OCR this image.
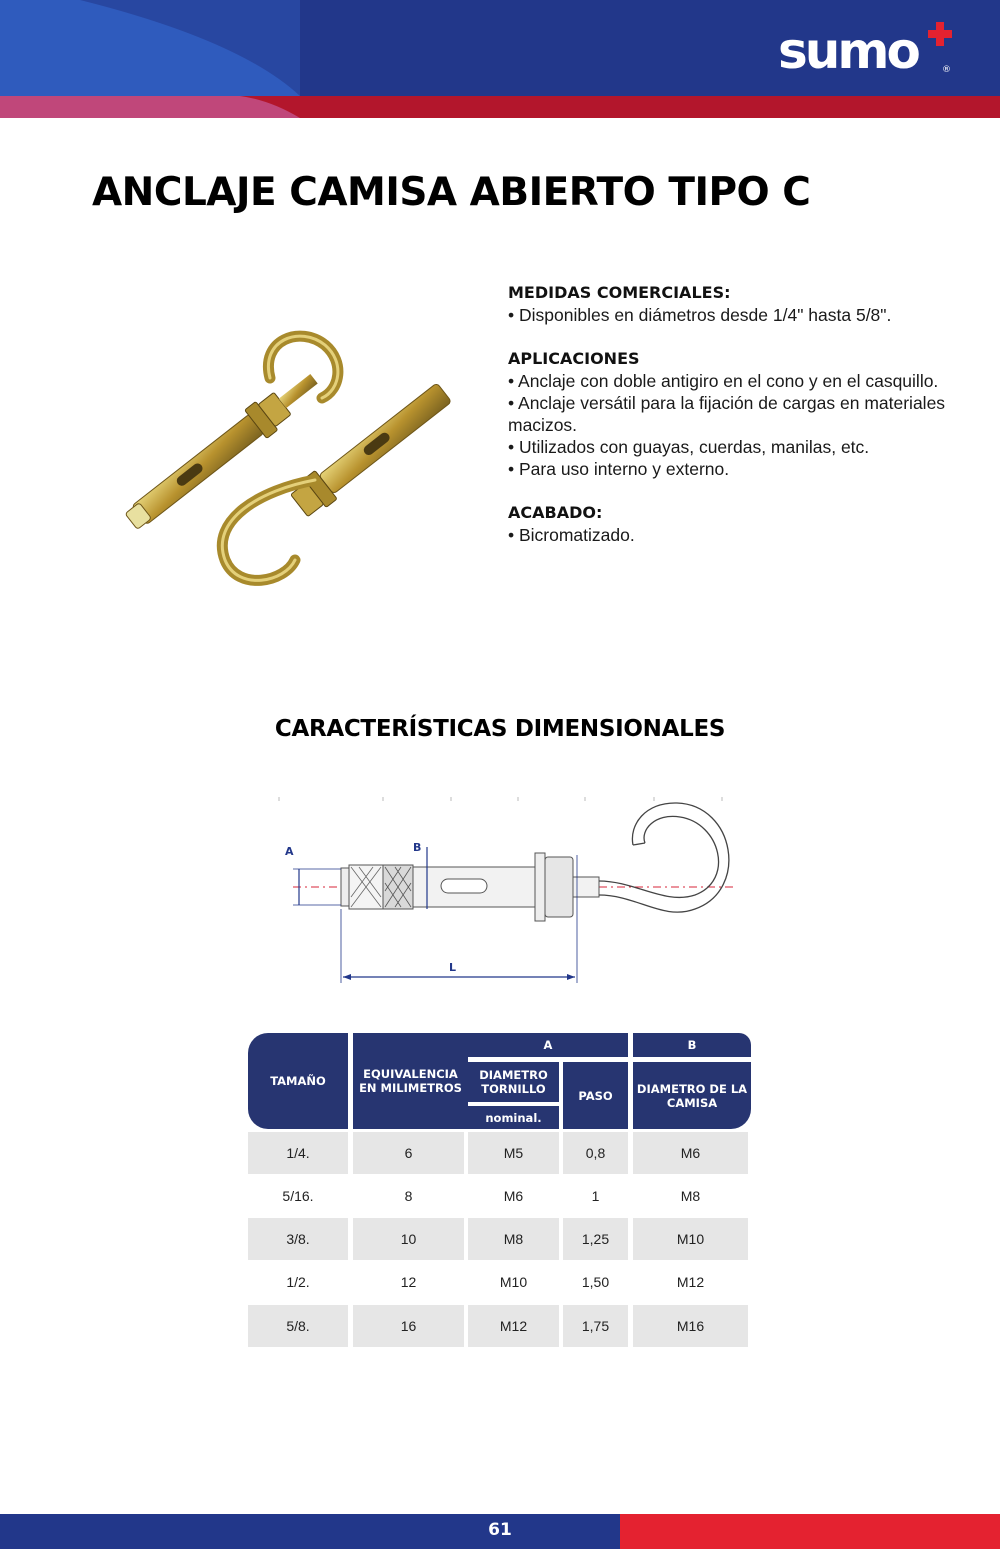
sumo	®
ANCLAJE CAMISA ABIERTO TIPO C
MEDIDAS COMERCIALES:
• Disponibles en diámetros desde 1/4" hasta 5/8".
APLICACIONES
• Anclaje con doble antigiro en el cono y en el casquillo.
• Anclaje versátil para la fijación de cargas en materiales macizos.
• Utilizados con guayas, cuerdas, manilas, etc.
• Para uso interno y externo.
ACABADO:
• Bicromatizado.
CARACTERÍSTICAS DIMENSIONALES
A	B
L
TAMAÑO	EQUIVALENCIA EN MILIMETROS
A	B
DIAMETRO TORNILLO
nominal.
PASO	DIAMETRO DE LA CAMISA
1/4.	6	M5	0,8	M6
5/16.	8	M6	1	M8
3/8.	10	M8	1,25	M10
1/2.	12	M10	1,50	M12
5/8.	16	M12	1,75	M16
61
